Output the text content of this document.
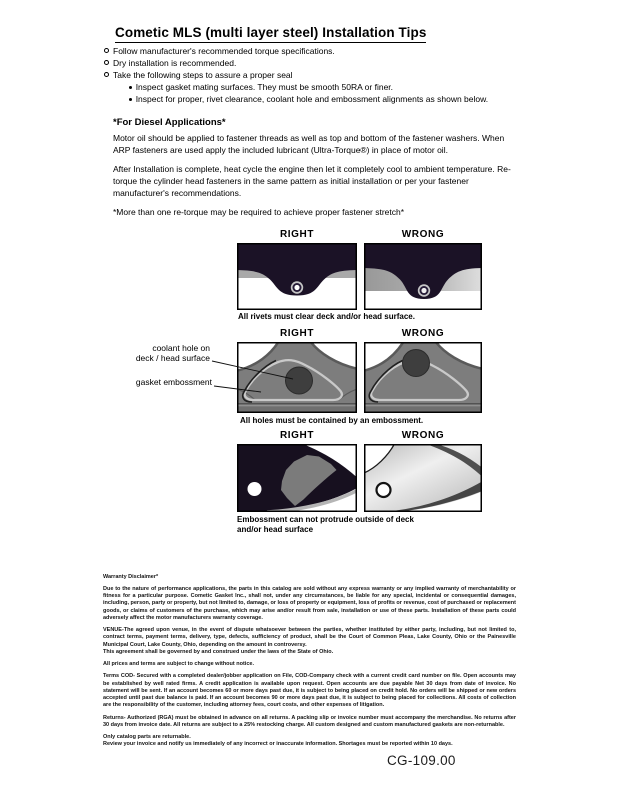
Cometic MLS (multi layer steel) Installation Tips
Follow manufacturer's recommended torque specifications.
Dry installation is recommended.
Take the following steps to assure a proper seal
Inspect gasket mating surfaces. They must be smooth 50RA or finer.
Inspect for proper, rivet clearance, coolant hole and embossment alignments as shown below.
*For Diesel Applications*

Motor oil should be applied to fastener threads as well as top and bottom of the fastener washers. When ARP fasteners are used apply the included lubricant (Ultra-Torque®) in place of motor oil.

After Installation is complete, heat cycle the engine then let it completely cool to ambient temperature. Re-torque the cylinder head fasteners in the same pattern as initial installation or per your fastener manufacturer's recommendations.

*More than one re-torque may be required to achieve proper fastener stretch*
RIGHT	WRONG
All rivets must clear deck and/or head surface.
RIGHT	WRONG
coolant hole on
deck / head surface
gasket embossment
All holes must be contained by an embossment.
RIGHT	WRONG
Embossment can not protrude outside of deck
and/or head surface

Warranty Disclaimer*

Due to the nature of performance applications, the parts in this catalog are sold without any express warranty or any implied warranty of merchantability or fitness for a particular purpose. Cometic Gasket Inc., shall not, under any circumstances, be liable for any special, incidental or consequential damages, including, person, party or property, but not limited to, damage, or loss of property or equipment, loss of profits or revenue, cost of purchased or replacement goods, or claims of customers of the purchase, which may arise and/or result from sale, installation or use of these parts. Installation of these parts could adversely affect the motor manufacturers warranty coverage.

VENUE-The agreed upon venue, in the event of dispute whatsoever between the parties, whether instituted by either party, including, but not limited to, contract terms, payment terms, delivery, type, defects, sufficiency of product, shall be the Court of Common Pleas, Lake County, Ohio or the Painesville Municipal Court, Lake County, Ohio, depending on the amount in controversy.

This agreement shall be governed by and construed under the laws of the State of Ohio.

All prices and terms are subject to change without notice.

Terms COD- Secured with a completed dealer/jobber application on File, COD-Company check with a current credit card number on file. Open accounts may be established by well rated firms. A credit application is available upon request. Open accounts are due payable Net 30 days from date of invoice. No statement will be sent. If an account becomes 60 or more days past due, it is subject to being placed on credit hold. No orders will be shipped or new orders accepted until past due balance is paid. If an account becomes 90 or more days past due, it is subject to being placed for collections. All costs of collection are the responsibility of the customer, including attorney fees, court costs, and other expenses of litigation.

Returns- Authorized (RGA) must be obtained in advance on all returns. A packing slip or invoice number must accompany the merchandise. No returns after 30 days from invoice date. All returns are subject to a 25% restocking charge. All custom designed and custom manufactured gaskets are non-returnable.

Only catalog parts are returnable.

Review your invoice and notify us immediately of any incorrect or inaccurate information. Shortages must be reported within 10 days.

CG-109.00
